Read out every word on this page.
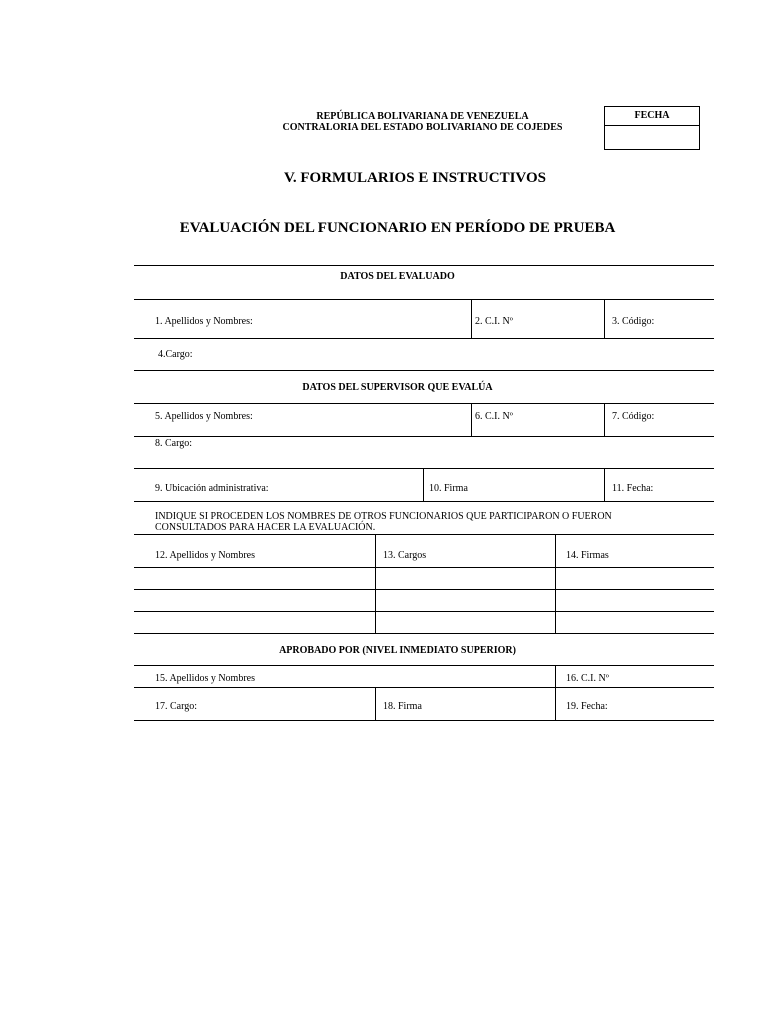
REPÚBLICA BOLIVARIANA DE VENEZUELA
CONTRALORIA DEL ESTADO BOLIVARIANO DE COJEDES
FECHA
V. FORMULARIOS E INSTRUCTIVOS
EVALUACIÓN DEL FUNCIONARIO EN PERÍODO DE PRUEBA
DATOS DEL EVALUADO
1. Apellidos y Nombres:	2. C.I. Nº	3. Código:
4.Cargo:
DATOS DEL SUPERVISOR QUE EVALÚA
5. Apellidos y Nombres:	6. C.I. Nº	7. Código:
8. Cargo:
9. Ubicación administrativa:	10. Firma	11. Fecha:
INDIQUE SI PROCEDEN LOS NOMBRES DE OTROS FUNCIONARIOS QUE PARTICIPARON O FUERON
CONSULTADOS PARA HACER LA EVALUACIÓN.
12. Apellidos y Nombres	13. Cargos	14. Firmas
APROBADO POR (NIVEL INMEDIATO SUPERIOR)
15. Apellidos y Nombres	16. C.I. Nº
17. Cargo:	18. Firma	19. Fecha:
